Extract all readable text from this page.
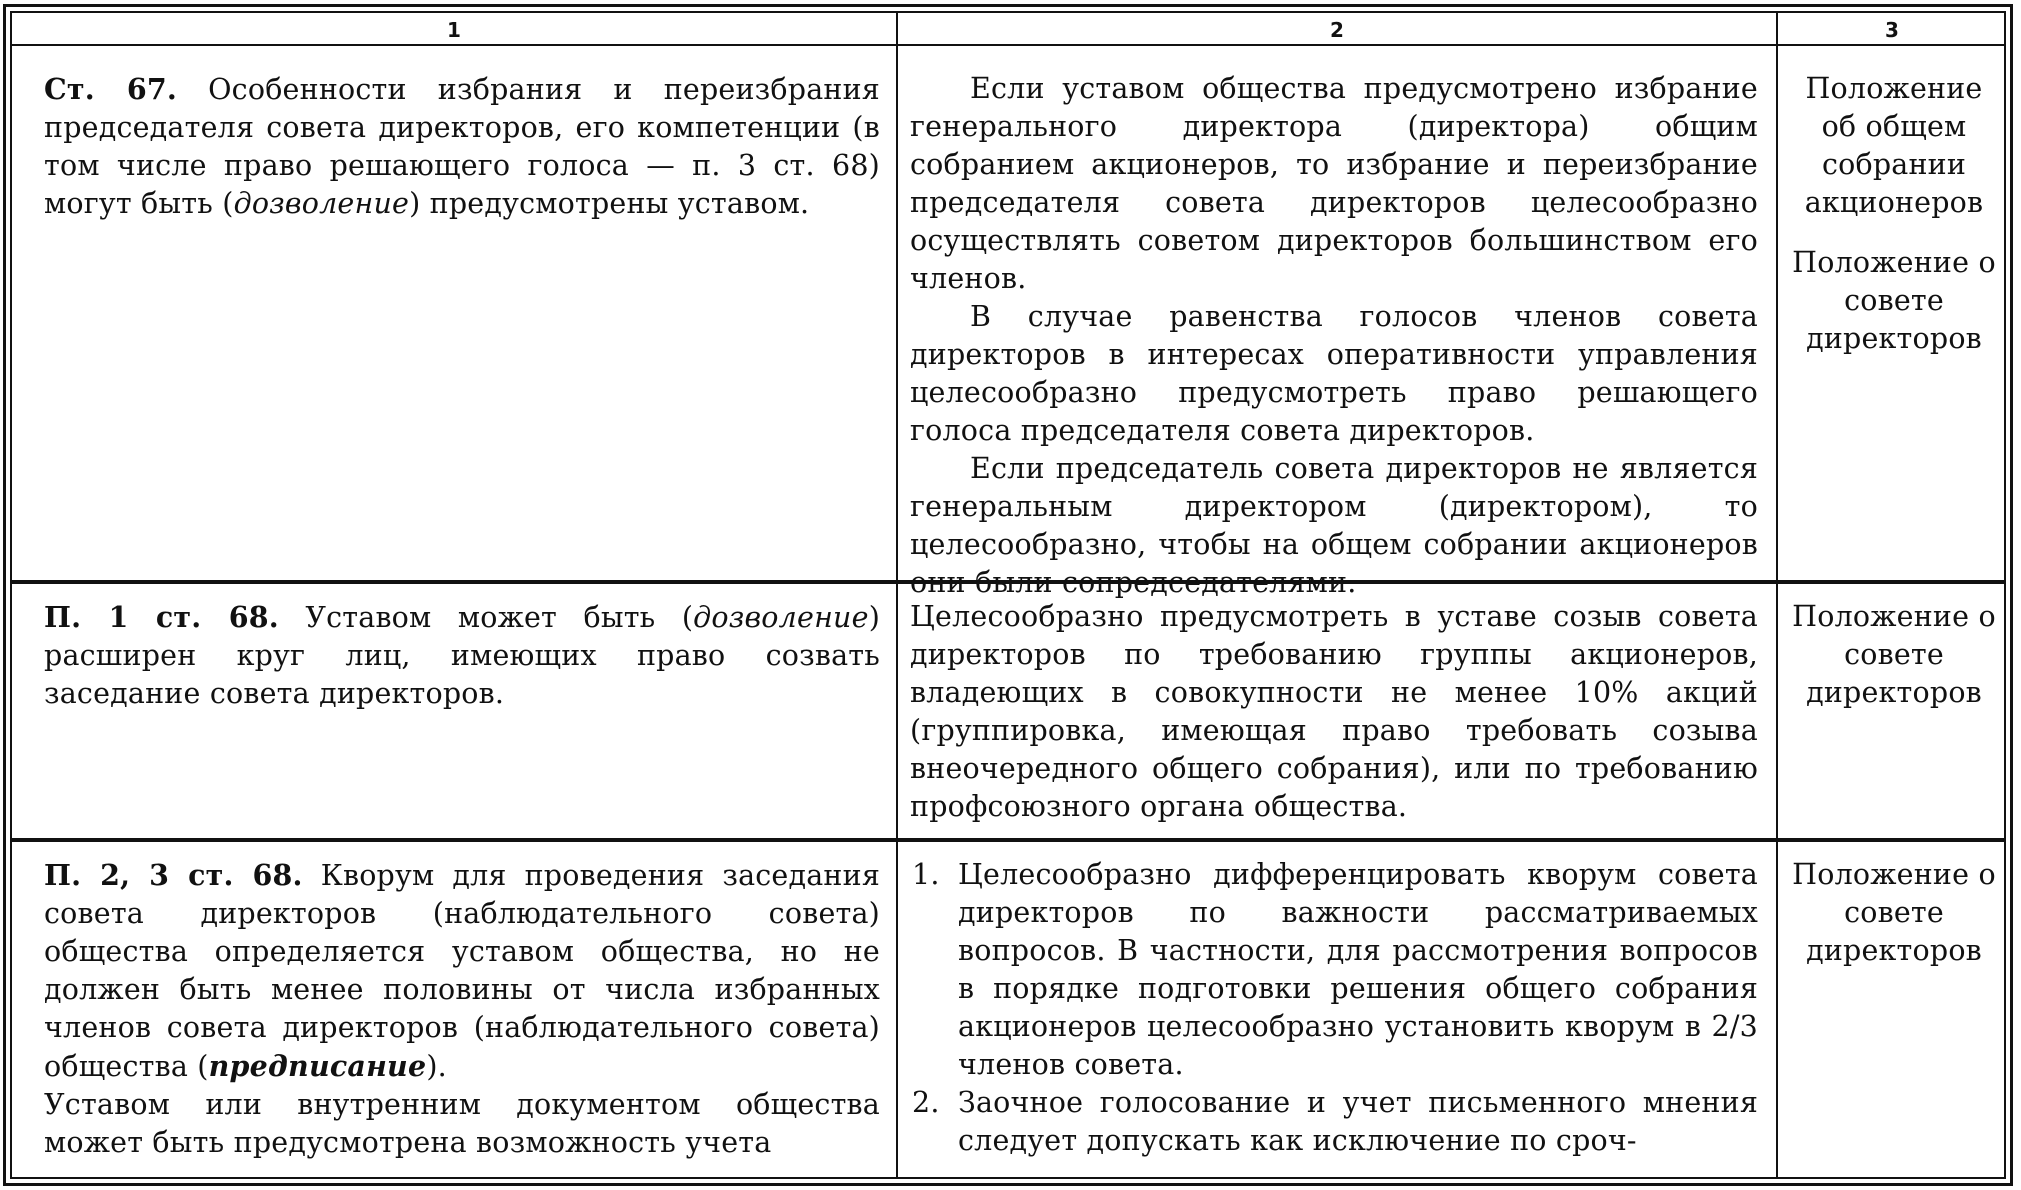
1	2	3

Ст. 67. Особенности избрания и переизбрания председателя совета директоров, его компетенции (в том числе право решающего голоса — п. 3 ст. 68) могут быть (дозволение) предусмотрены уставом.

Если уставом общества предусмотрено избрание генерального директора (директора) общим собранием акционеров, то избрание и переизбрание председателя совета директоров целесообразно осуществлять советом директоров большинством его членов.

В случае равенства голосов членов совета директоров в интересах оперативности управления целесообразно предусмотреть право решающего голоса председателя совета директоров.

Если председатель совета директоров не является генеральным директором (директором), то целесообразно, чтобы на общем собрании акционеров они были сопредседателями.

Положение об общем собрании акционеров

Положение о совете директоров

П. 1 ст. 68. Уставом может быть (дозволение) расширен круг лиц, имеющих право созвать заседание совета директоров.

Целесообразно предусмотреть в уставе созыв совета директоров по требованию группы акционеров, владеющих в совокупности не менее 10% акций (группировка, имеющая право требовать созыва внеочередного общего собрания), или по требованию профсоюзного органа общества.

Положение о совете директоров

П. 2, 3 ст. 68. Кворум для проведения заседания совета директоров (наблюдательного совета) общества определяется уставом общества, но не должен быть менее половины от числа избранных членов совета директоров (наблюдательного совета) общества (предписание).

Уставом или внутренним документом общества может быть предусмотрена возможность учета

1. Целесообразно дифференцировать кворум совета директоров по важности рассматриваемых вопросов. В частности, для рассмотрения вопросов в порядке подготовки решения общего собрания акционеров целесообразно установить кворум в 2/3 членов совета.
2. Заочное голосование и учет письменного мнения следует допускать как исключение по сроч-

Положение о совете директоров
